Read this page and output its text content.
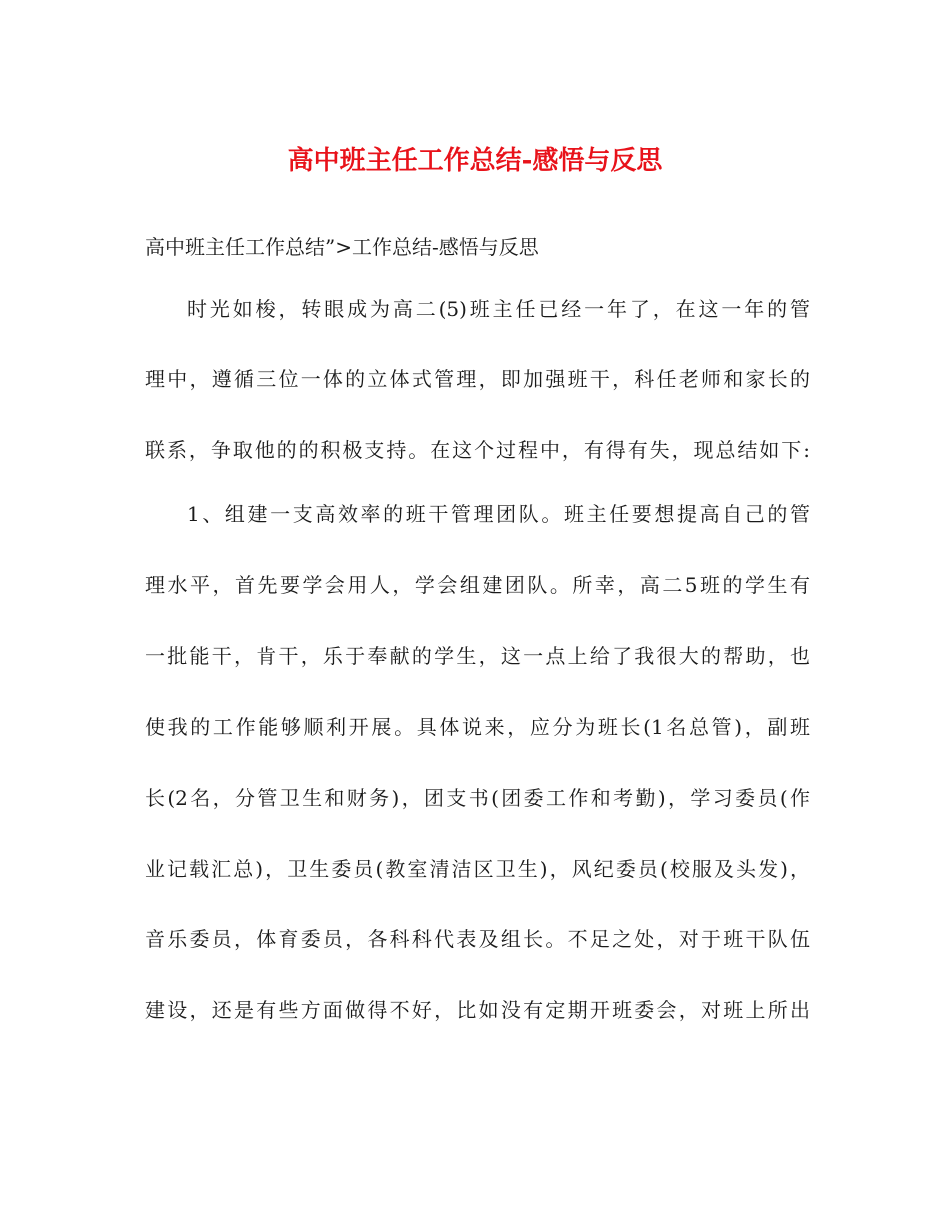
高中班主任工作总结-感悟与反思
高中班主任工作总结”>工作总结-感悟与反思
时光如梭，转眼成为高二(5)班主任已经一年了，在这一年的管
理中，遵循三位一体的立体式管理，即加强班干，科任老师和家长的
联系，争取他的的积极支持。在这个过程中，有得有失，现总结如下:
1、组建一支高效率的班干管理团队。班主任要想提高自己的管
理水平，首先要学会用人，学会组建团队。所幸，高二5班的学生有
一批能干，肯干，乐于奉献的学生，这一点上给了我很大的帮助，也
使我的工作能够顺利开展。具体说来，应分为班长(1名总管)，副班
长(2名，分管卫生和财务)，团支书(团委工作和考勤)，学习委员(作
业记载汇总)，卫生委员(教室清洁区卫生)，风纪委员(校服及头发)，
音乐委员，体育委员，各科科代表及组长。不足之处，对于班干队伍
建设，还是有些方面做得不好，比如没有定期开班委会，对班上所出
